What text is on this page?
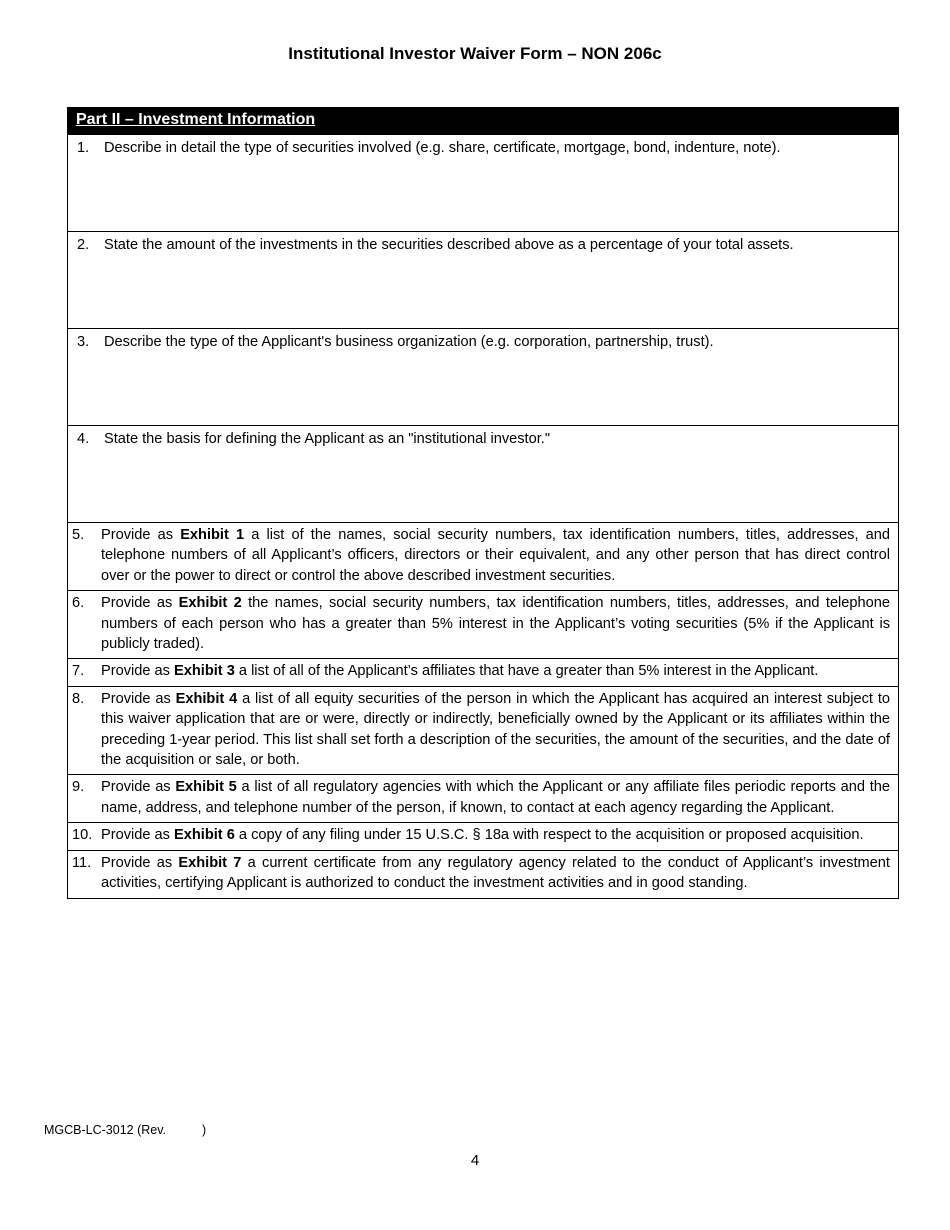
Institutional Investor Waiver Form – NON 206c
Part II – Investment Information
1.	Describe in detail the type of securities involved (e.g. share, certificate, mortgage, bond, indenture, note).
2.	State the amount of the investments in the securities described above as a percentage of your total assets.
3.	Describe the type of the Applicant's business organization (e.g. corporation, partnership, trust).
4.	State the basis for defining the Applicant as an "institutional investor."
5.	Provide as Exhibit 1 a list of the names, social security numbers, tax identification numbers, titles, addresses, and telephone numbers of all Applicant’s officers, directors or their equivalent, and any other person that has direct control over or the power to direct or control the above described investment securities.
6.	Provide as Exhibit 2 the names, social security numbers, tax identification numbers, titles, addresses, and telephone numbers of each person who has a greater than 5% interest in the Applicant’s voting securities (5% if the Applicant is publicly traded).
7.	Provide as Exhibit 3 a list of all of the Applicant’s affiliates that have a greater than 5% interest in the Applicant.
8.	Provide as Exhibit 4 a list of all equity securities of the person in which the Applicant has acquired an interest subject to this waiver application that are or were, directly or indirectly, beneficially owned by the Applicant or its affiliates within the preceding 1-year period. This list shall set forth a description of the securities, the amount of the securities, and the date of the acquisition or sale, or both.
9.	Provide as Exhibit 5 a list of all regulatory agencies with which the Applicant or any affiliate files periodic reports and the name, address, and telephone number of the person, if known, to contact at each agency regarding the Applicant.
10. Provide as Exhibit 6 a copy of any filing under 15 U.S.C. § 18a with respect to the acquisition or proposed acquisition.
11. Provide as Exhibit 7 a current certificate from any regulatory agency related to the conduct of Applicant’s investment activities, certifying Applicant is authorized to conduct the investment activities and in good standing.
MGCB-LC-3012 (Rev.	)
4
